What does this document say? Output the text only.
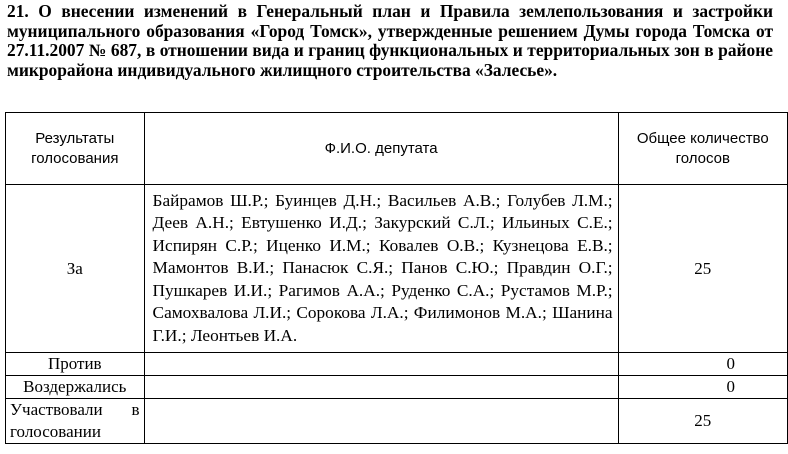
21. О внесении изменений в Генеральный план и Правила землепользования и застройки муниципального образования «Город Томск», утвержденные решением Думы города Томска от 27.11.2007 № 687, в отношении вида и границ функциональных и территориальных зон в районе микрорайона индивидуального жилищного строительства «Залесье».
Результаты голосования	Ф.И.О. депутата	Общее количество голосов
За	Байрамов Ш.Р.; Буинцев Д.Н.; Васильев А.В.; Голубев Л.М.; Деев А.Н.; Евтушенко И.Д.; Закурский С.Л.; Ильиных С.Е.; Испирян С.Р.; Иценко И.М.; Ковалев О.В.; Кузнецова Е.В.; Мамонтов В.И.; Панасюк С.Я.; Панов С.Ю.; Правдин О.Г.; Пушкарев И.И.; Рагимов А.А.; Руденко С.А.; Рустамов М.Р.; Самохвалова Л.И.; Сорокова Л.А.; Филимонов М.А.; Шанина Г.И.; Леонтьев И.А.	25
Против		0
Воздержались		0
Участвовали в голосовании		25
